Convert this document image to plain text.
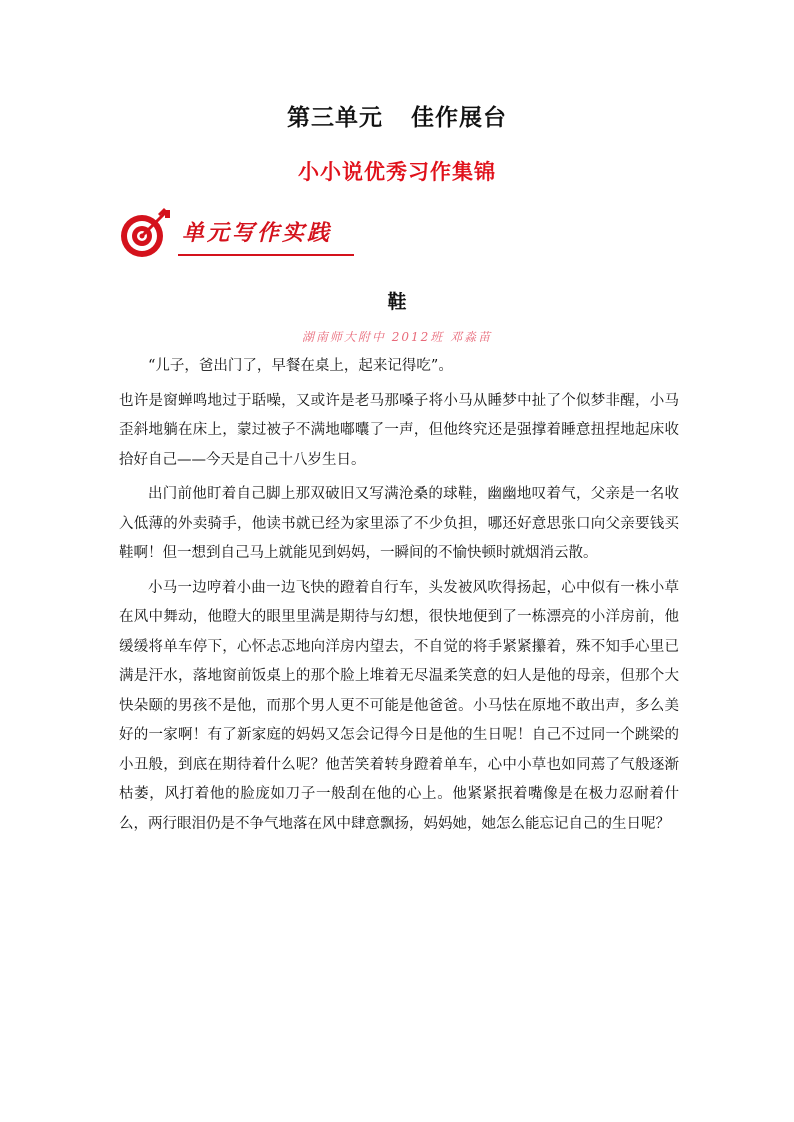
第三单元 佳作展台
小小说优秀习作集锦
单元写作实践
鞋
湖南师大附中 2012班 邓淼苗

“儿子，爸出门了，早餐在桌上，起来记得吃”。

也许是窗蝉鸣地过于聒噪，又或许是老马那嗓子将小马从睡梦中扯了个似梦非醒，小马歪斜地躺在床上，蒙过被子不满地嘟囔了一声，但他终究还是强撑着睡意扭捏地起床收拾好自己——今天是自己十八岁生日。

出门前他盯着自己脚上那双破旧又写满沧桑的球鞋，幽幽地叹着气，父亲是一名收入低薄的外卖骑手，他读书就已经为家里添了不少负担，哪还好意思张口向父亲要钱买鞋啊！但一想到自己马上就能见到妈妈，一瞬间的不愉快顿时就烟消云散。

小马一边哼着小曲一边飞快的蹬着自行车，头发被风吹得扬起，心中似有一株小草在风中舞动，他瞪大的眼里里满是期待与幻想，很快地便到了一栋漂亮的小洋房前，他缓缓将单车停下，心怀忐忑地向洋房内望去，不自觉的将手紧紧攥着，殊不知手心里已满是汗水，落地窗前饭桌上的那个脸上堆着无尽温柔笑意的妇人是他的母亲，但那个大快朵颐的男孩不是他，而那个男人更不可能是他爸爸。小马怯在原地不敢出声，多么美好的一家啊！有了新家庭的妈妈又怎会记得今日是他的生日呢！自己不过同一个跳梁的小丑般，到底在期待着什么呢？他苦笑着转身蹬着单车，心中小草也如同蔫了气般逐渐枯萎，风打着他的脸庞如刀子一般刮在他的心上。他紧紧抿着嘴像是在极力忍耐着什么，两行眼泪仍是不争气地落在风中肆意飘扬，妈妈她，她怎么能忘记自己的生日呢？
